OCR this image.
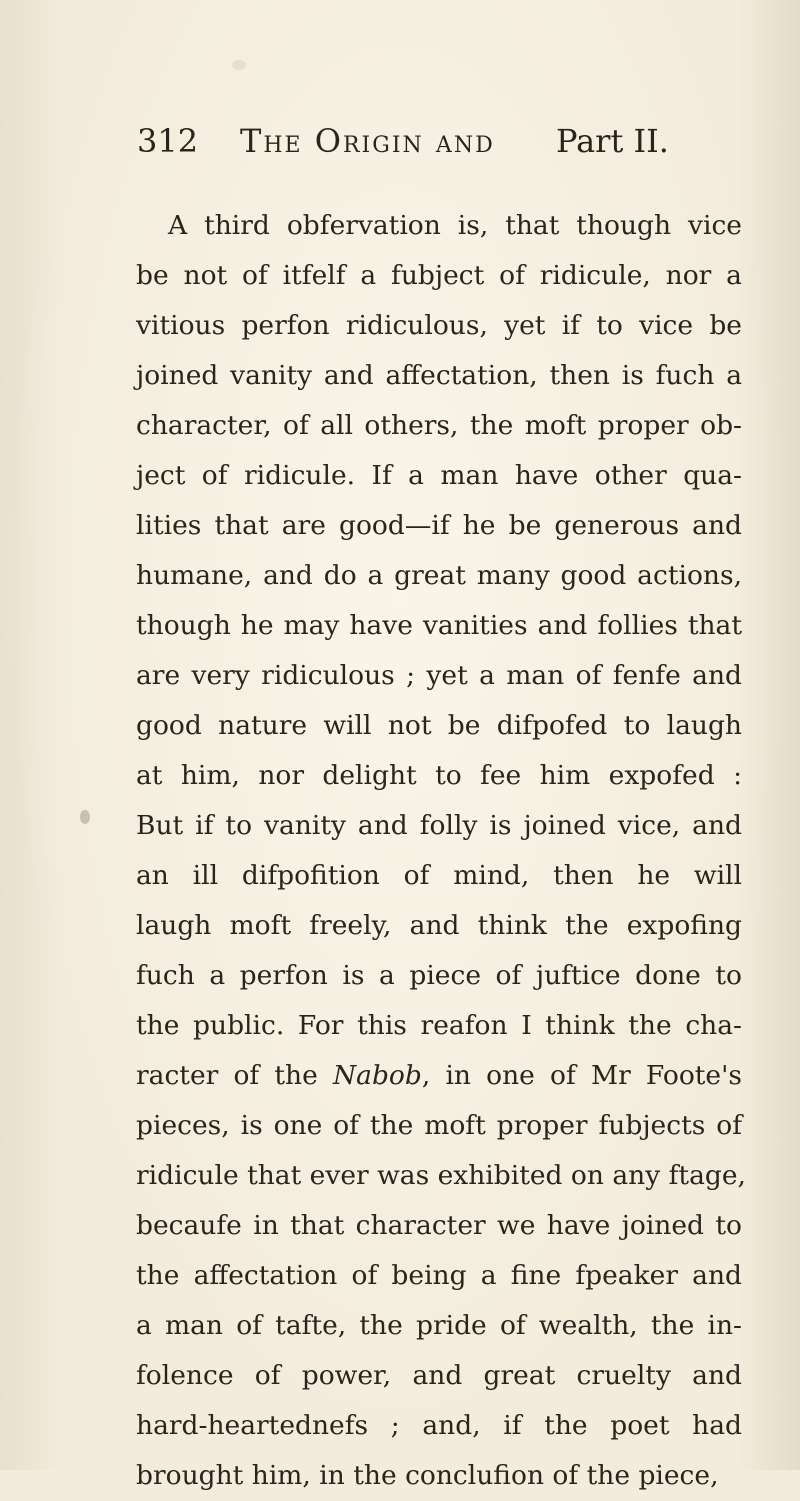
312 The Origin and Part II.
A third obfervation is, that though vice
be not of itfelf a fubject of ridicule, nor a
vitious perfon ridiculous, yet if to vice be
joined vanity and affectation, then is fuch a
character, of all others, the moft proper ob-
ject of ridicule. If a man have other qua-
lities that are good—if he be generous and
humane, and do a great many good actions,
though he may have vanities and follies that
are very ridiculous ; yet a man of fenfe and
good nature will not be difpofed to laugh
at him, nor delight to fee him expofed :
But if to vanity and folly is joined vice, and
an ill difpofition of mind, then he will
laugh moft freely, and think the expofing
fuch a perfon is a piece of juftice done to
the public. For this reafon I think the cha-
racter of the Nabob, in one of Mr Foote's
pieces, is one of the moft proper fubjects of
ridicule that ever was exhibited on any ftage,
becaufe in that character we have joined to
the affectation of being a fine fpeaker and
a man of tafte, the pride of wealth, the in-
folence of power, and great cruelty and
hard-heartednefs ; and, if the poet had
brought him, in the conclufion of the piece,
